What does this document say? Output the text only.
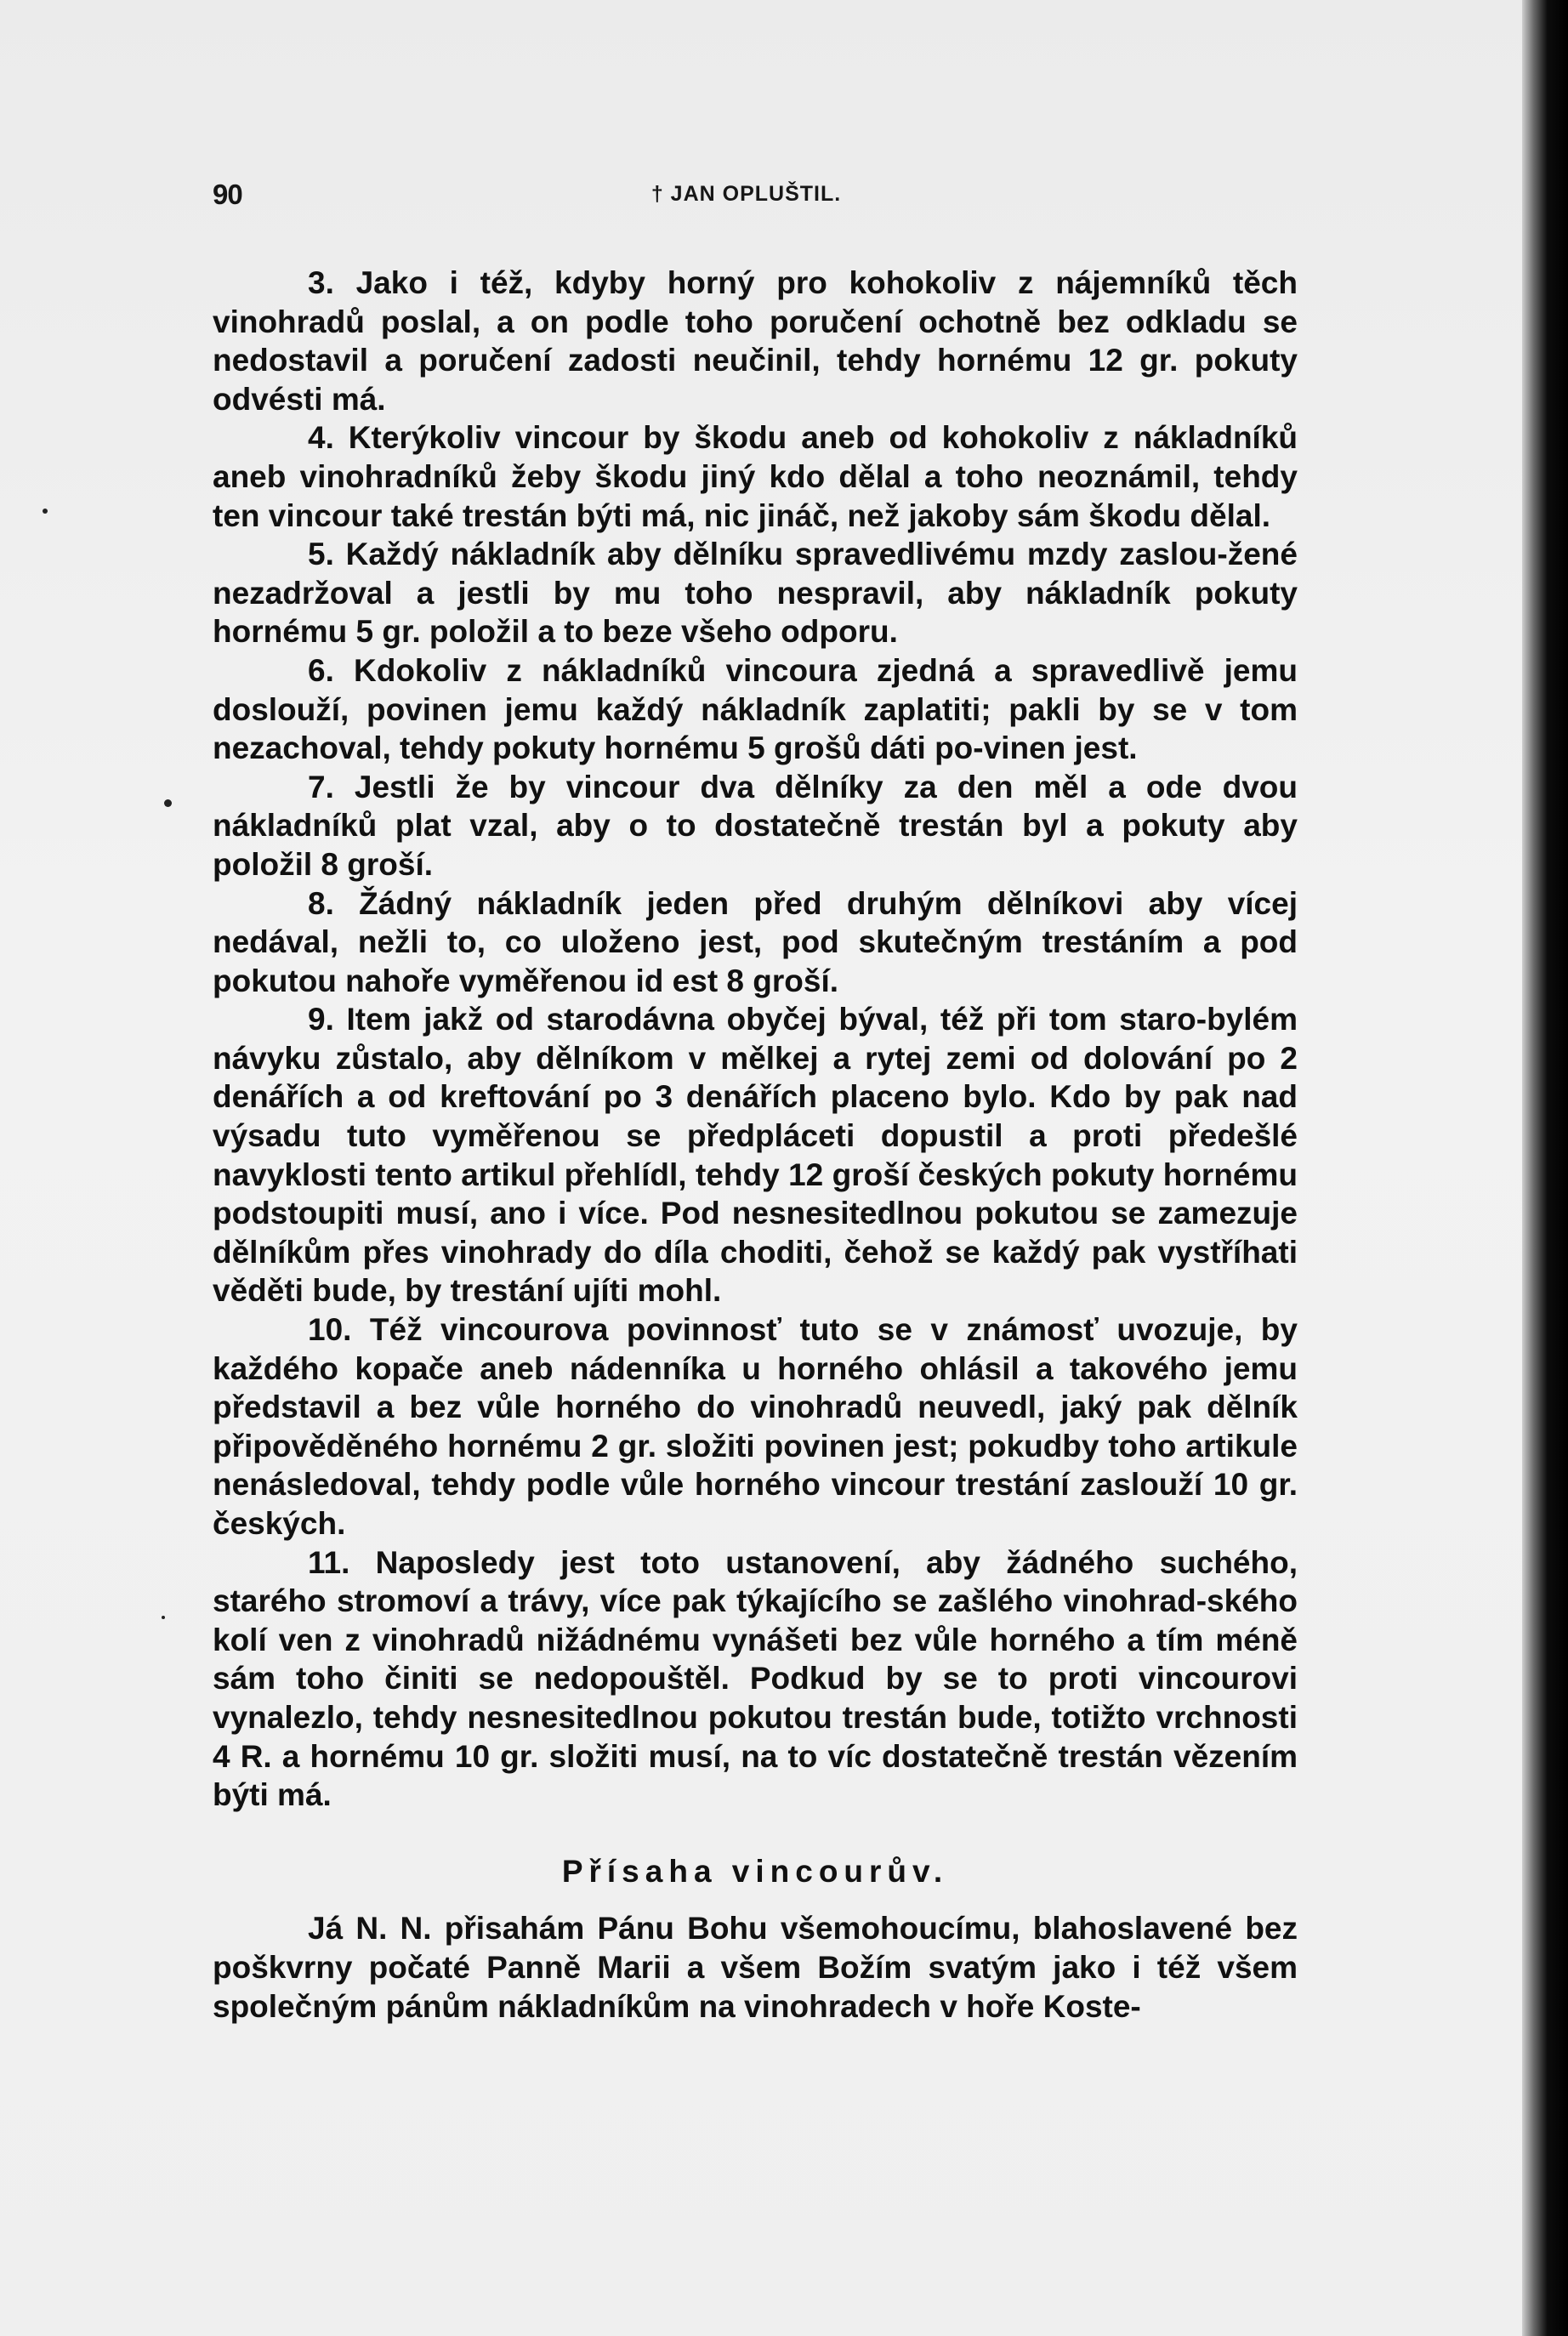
90	† JAN OPLUŠTIL.

3. Jako i též, kdyby horný pro kohokoliv z nájemníků těch vinohradů poslal, a on podle toho poručení ochotně bez odkladu se nedostavil a poručení zadosti neučinil, tehdy hornému 12 gr. pokuty odvésti má.

4. Kterýkoliv vincour by škodu aneb od kohokoliv z nákladníků aneb vinohradníků žeby škodu jiný kdo dělal a toho neoznámil, tehdy ten vincour také trestán býti má, nic jináč, než jakoby sám škodu dělal.

5. Každý nákladník aby dělníku spravedlivému mzdy zaslou-žené nezadržoval a jestli by mu toho nespravil, aby nákladník pokuty hornému 5 gr. položil a to beze všeho odporu.

6. Kdokoliv z nákladníků vincoura zjedná a spravedlivě jemu doslouží, povinen jemu každý nákladník zaplatiti; pakli by se v tom nezachoval, tehdy pokuty hornému 5 grošů dáti po-vinen jest.

7. Jestli že by vincour dva dělníky za den měl a ode dvou nákladníků plat vzal, aby o to dostatečně trestán byl a pokuty aby položil 8 groší.

8. Žádný nákladník jeden před druhým dělníkovi aby vícej nedával, nežli to, co uloženo jest, pod skutečným trestáním a pod pokutou nahoře vyměřenou id est 8 groší.

9. Item jakž od starodávna obyčej býval, též při tom staro-bylém návyku zůstalo, aby dělníkom v mělkej a rytej zemi od dolování po 2 denářích a od kreftování po 3 denářích placeno bylo. Kdo by pak nad výsadu tuto vyměřenou se předpláceti dopustil a proti předešlé navyklosti tento artikul přehlídl, tehdy 12 groší českých pokuty hornému podstoupiti musí, ano i více. Pod nesnesitedlnou pokutou se zamezuje dělníkům přes vinohrady do díla choditi, čehož se každý pak vystříhati věděti bude, by trestání ujíti mohl.

10. Též vincourova povinnosť tuto se v známosť uvozuje, by každého kopače aneb nádenníka u horného ohlásil a takového jemu představil a bez vůle horného do vinohradů neuvedl, jaký pak dělník připověděného hornému 2 gr. složiti povinen jest; pokudby toho artikule nenásledoval, tehdy podle vůle horného vincour trestání zaslouží 10 gr. českých.

11. Naposledy jest toto ustanovení, aby žádného suchého, starého stromoví a trávy, více pak týkajícího se zašlého vinohrad-ského kolí ven z vinohradů nižádnému vynášeti bez vůle horného a tím méně sám toho činiti se nedopouštěl. Podkud by se to proti vincourovi vynalezlo, tehdy nesnesitedlnou pokutou trestán bude, totižto vrchnosti 4 R. a hornému 10 gr. složiti musí, na to víc dostatečně trestán vězením býti má.

Přísaha vincourův.

Já N. N. přisahám Pánu Bohu všemohoucímu, blahoslavené bez poškvrny počaté Panně Marii a všem Božím svatým jako i též všem společným pánům nákladníkům na vinohradech v hoře Koste-
